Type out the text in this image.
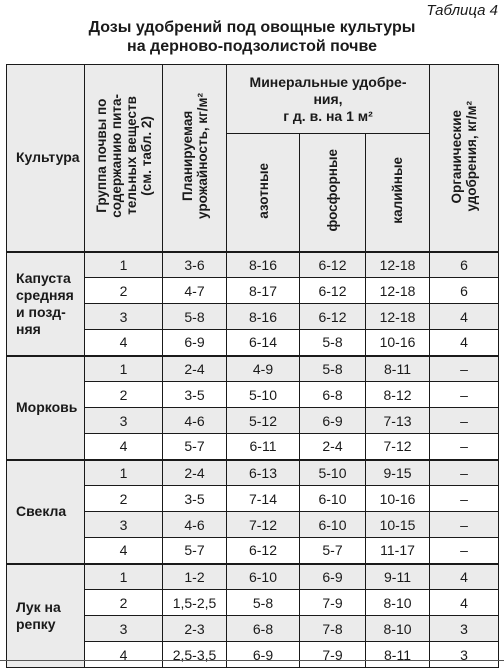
Таблица 4
Дозы удобрений под овощные культуры
на дерново-подзолистой почве
Культура	Группа почвы по
содержанию пита-
тельных веществ
(см. табл. 2)	Планируемая
урожайность, кг/м²	Минеральные удобре-
ния,
г д. в. на 1 м²			Органические
удобрения, кг/м²
			азотные	фосфорные	калийные	
Капуста
средняя
и позд-
няя	1	3-6	8-16	6-12	12-18	6
	2	4-7	8-17	6-12	12-18	6
	3	5-8	8-16	6-12	12-18	4
	4	6-9	6-14	5-8	10-16	4
Морковь	1	2-4	4-9	5-8	8-11	–
	2	3-5	5-10	6-8	8-12	–
	3	4-6	5-12	6-9	7-13	–
	4	5-7	6-11	2-4	7-12	–
Свекла	1	2-4	6-13	5-10	9-15	–
	2	3-5	7-14	6-10	10-16	–
	3	4-6	7-12	6-10	10-15	–
	4	5-7	6-12	5-7	11-17	–
Лук на
репку	1	1-2	6-10	6-9	9-11	4
	2	1,5-2,5	5-8	7-9	8-10	4
	3	2-3	6-8	7-8	8-10	3
	4	2,5-3,5	6-9	7-9	8-11	3
